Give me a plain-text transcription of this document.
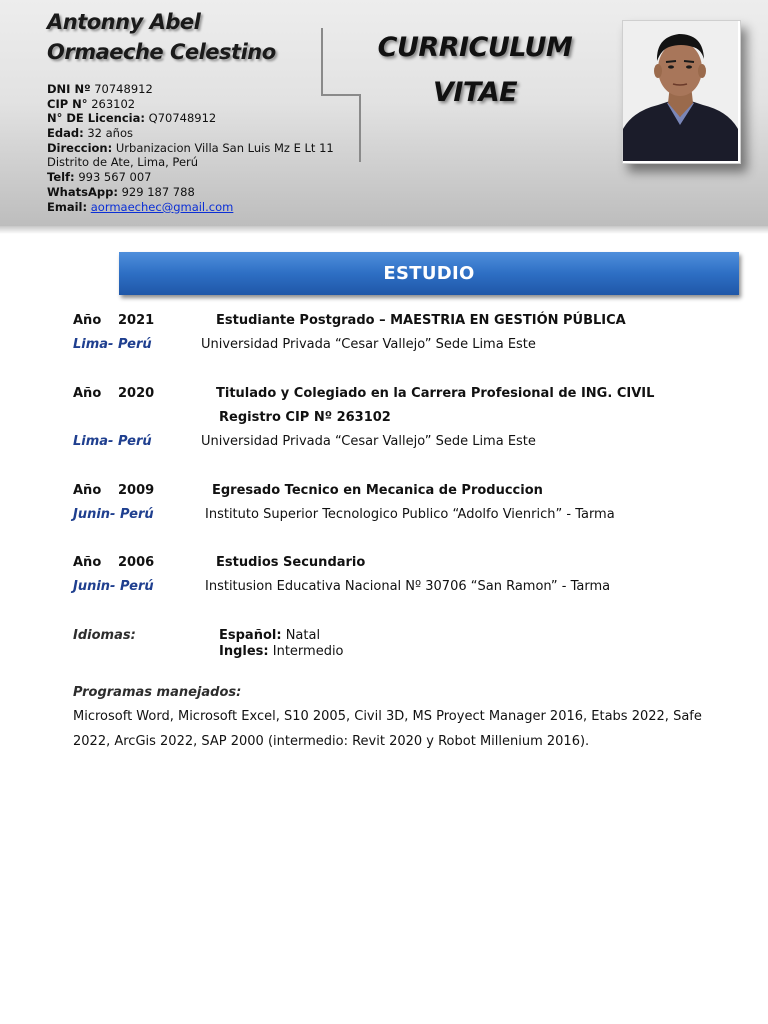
Antonny Abel
Ormaeche Celestino
DNI Nº 70748912
CIP N° 263102
N° DE Licencia: Q70748912
Edad: 32 años
Direccion: Urbanizacion Villa San Luis Mz E Lt 11
Distrito de Ate, Lima, Perú
Telf: 993 567 007
WhatsApp: 929 187 788
Email: aormaechec@gmail.com
CURRICULUM
VITAE
ESTUDIO
Año 2021	Estudiante Postgrado – MAESTRIA EN GESTIÓN PÚBLICA
Lima- Perú	Universidad Privada “Cesar Vallejo” Sede Lima Este
Año 2020	Titulado y Colegiado en la Carrera Profesional de ING. CIVIL
Registro CIP Nº 263102
Lima- Perú	Universidad Privada “Cesar Vallejo” Sede Lima Este
Año 2009	Egresado Tecnico en Mecanica de Produccion
Junin- Perú	Instituto Superior Tecnologico Publico “Adolfo Vienrich” - Tarma
Año 2006	Estudios Secundario
Junin- Perú	Institusion Educativa Nacional Nº 30706 “San Ramon” - Tarma
Idiomas:	Español: Natal
Ingles: Intermedio
Programas manejados:
Microsoft Word, Microsoft Excel, S10 2005, Civil 3D, MS Proyect Manager 2016, Etabs 2022, Safe 2022, ArcGis 2022, SAP 2000 (intermedio: Revit 2020 y Robot Millenium 2016).
